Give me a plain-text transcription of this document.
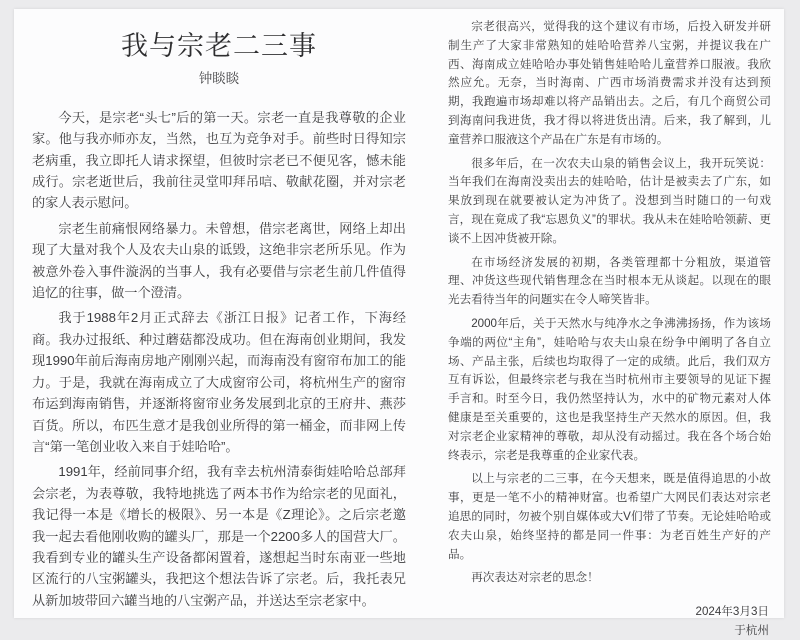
我与宗老二三事
钟睒睒

今天，是宗老“头七”后的第一天。宗老一直是我尊敬的企业家。他与我亦师亦友，当然，也互为竞争对手。前些时日得知宗老病重，我立即托人请求探望，但彼时宗老已不便见客，憾未能成行。宗老逝世后，我前往灵堂叩拜吊唁、敬献花圈，并对宗老的家人表示慰问。

宗老生前痛恨网络暴力。未曾想，借宗老离世，网络上却出现了大量对我个人及农夫山泉的诋毁，这绝非宗老所乐见。作为被意外卷入事件漩涡的当事人，我有必要借与宗老生前几件值得追忆的往事，做一个澄清。

我于1988年2月正式辞去《浙江日报》记者工作，下海经商。我办过报纸、种过蘑菇都没成功。但在海南创业期间，我发现1990年前后海南房地产刚刚兴起，而海南没有窗帘布加工的能力。于是，我就在海南成立了大成窗帘公司，将杭州生产的窗帘布运到海南销售，并逐渐将窗帘业务发展到北京的王府井、燕莎百货。所以，布匹生意才是我创业所得的第一桶金，而非网上传言“第一笔创业收入来自于娃哈哈”。

1991年，经前同事介绍，我有幸去杭州清泰街娃哈哈总部拜会宗老，为表尊敬，我特地挑选了两本书作为给宗老的见面礼，我记得一本是《增长的极限》、另一本是《Z理论》。之后宗老邀我一起去看他刚收购的罐头厂，那是一个2200多人的国营大厂。我看到专业的罐头生产设备都闲置着，遂想起当时东南亚一些地区流行的八宝粥罐头，我把这个想法告诉了宗老。后，我托表兄从新加坡带回六罐当地的八宝粥产品，并送达至宗老家中。

宗老很高兴，觉得我的这个建议有市场，后投入研发并研制生产了大家非常熟知的娃哈哈营养八宝粥，并提议我在广西、海南成立娃哈哈办事处销售娃哈哈儿童营养口服液。我欣然应允。无奈，当时海南、广西市场消费需求并没有达到预期，我跑遍市场却难以将产品销出去。之后，有几个商贸公司到海南问我进货，我才得以将进货出清。后来，我了解到，儿童营养口服液这个产品在广东是有市场的。

很多年后，在一次农夫山泉的销售会议上，我开玩笑说：当年我们在海南没卖出去的娃哈哈，估计是被卖去了广东，如果放到现在就要被认定为冲货了。没想到当时随口的一句戏言，现在竟成了我“忘恩负义”的罪状。我从未在娃哈哈领薪、更谈不上因冲货被开除。

在市场经济发展的初期，各类管理都十分粗放，渠道管理、冲货这些现代销售理念在当时根本无从谈起。以现在的眼光去看待当年的问题实在令人啼笑皆非。

2000年后，关于天然水与纯净水之争沸沸扬扬，作为该场争端的两位“主角”，娃哈哈与农夫山泉在纷争中阐明了各自立场、产品主张，后续也均取得了一定的成绩。此后，我们双方互有诉讼，但最终宗老与我在当时杭州市主要领导的见证下握手言和。时至今日，我仍然坚持认为，水中的矿物元素对人体健康是至关重要的，这也是我坚持生产天然水的原因。但，我对宗老企业家精神的尊敬，却从没有动摇过。我在各个场合始终表示，宗老是我尊重的企业家代表。

以上与宗老的二三事，在今天想来，既是值得追思的小故事，更是一笔不小的精神财富。也希望广大网民们表达对宗老追思的同时，勿被个别自媒体或大V们带了节奏。无论娃哈哈或农夫山泉，始终坚持的都是同一件事：为老百姓生产好的产品。

再次表达对宗老的思念！

2024年3月3日
于杭州
